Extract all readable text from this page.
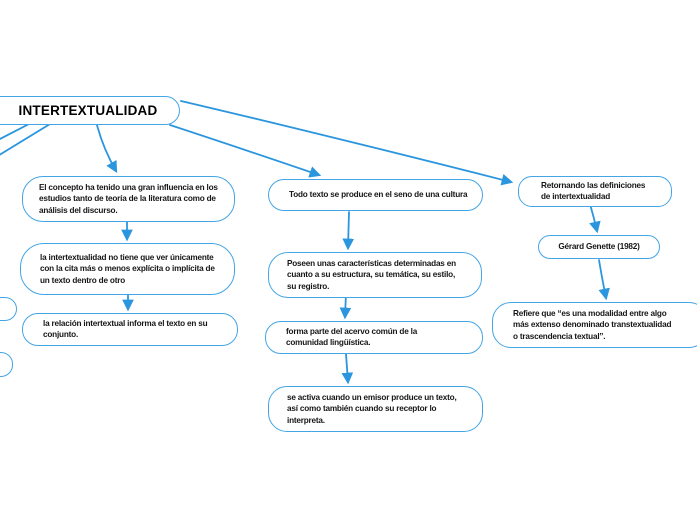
INTERTEXTUALIDAD
El concepto ha tenido una gran influencia en los estudios tanto de teoría de la literatura como de análisis del discurso.
la intertextualidad no tiene que ver únicamente con la cita más o menos explícita o implícita de un texto dentro de otro
la relación intertextual informa el texto en su conjunto.
Todo texto se produce en el seno de una cultura
Poseen unas características determinadas en cuanto a su estructura, su temática, su estilo, su registro.
forma parte del acervo común de la comunidad lingüística.
se activa cuando un emisor produce un texto, así como también cuando su receptor lo interpreta.
Retornando las definiciones de intertextualidad
Gérard Genette (1982)
Refiere que “es una modalidad entre algo más extenso denominado transtextualidad o trascendencia textual”.
